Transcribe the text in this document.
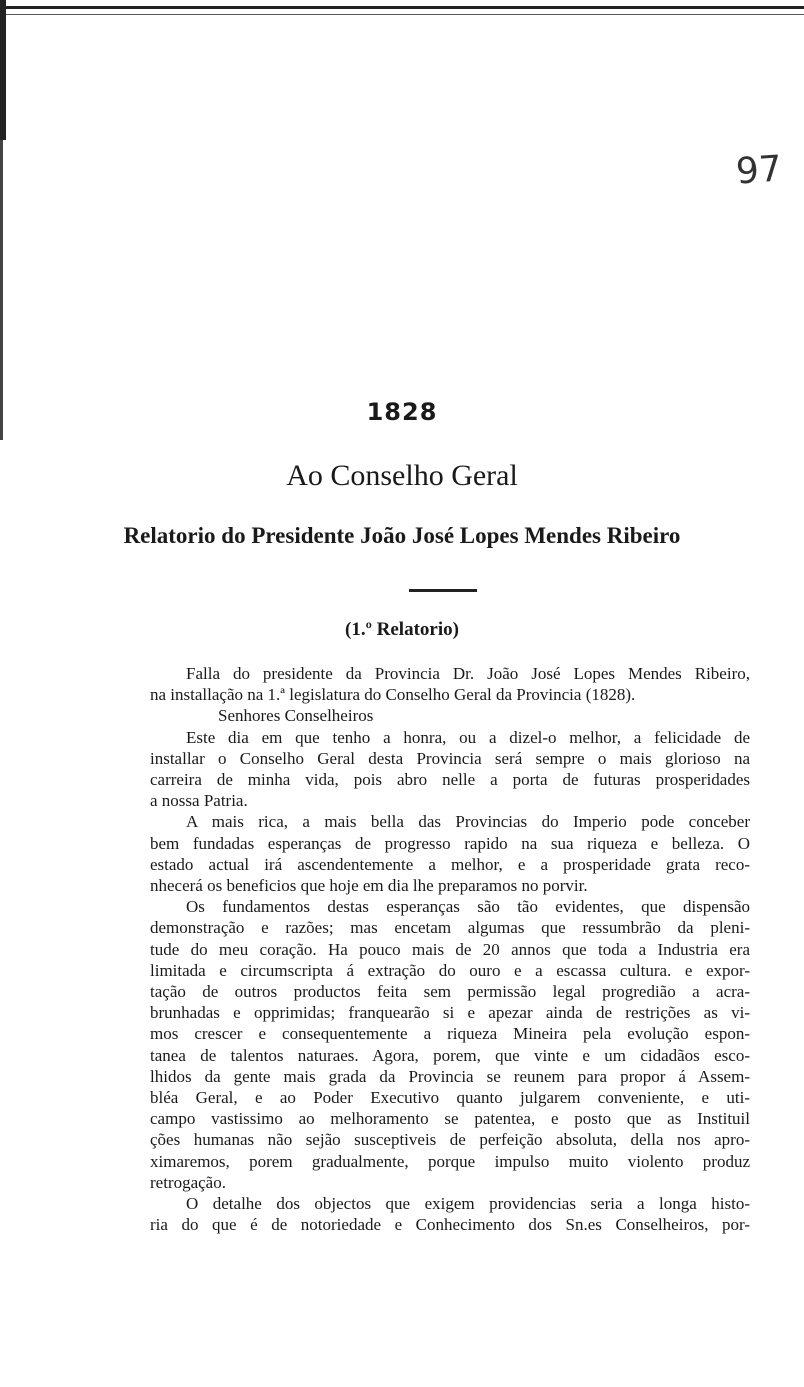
97
1828
Ao Conselho Geral
Relatorio do Presidente João José Lopes Mendes Ribeiro
(1.º Relatorio)
Falla do presidente da Provincia Dr. João José Lopes Mendes Ribeiro,
na installação na 1.ª legislatura do Conselho Geral da Provincia (1828).
Senhores Conselheiros
Este dia em que tenho a honra, ou a dizel-o melhor, a felicidade de
installar o Conselho Geral desta Provincia será sempre o mais glorioso na
carreira de minha vida, pois abro nelle a porta de futuras prosperidades
a nossa Patria.
A mais rica, a mais bella das Provincias do Imperio pode conceber
bem fundadas esperanças de progresso rapido na sua riqueza e belleza. O
estado actual irá ascendentemente a melhor, e a prosperidade grata reco-
nhecerá os beneficios que hoje em dia lhe preparamos no porvir.
Os fundamentos destas esperanças são tão evidentes, que dispensão
demonstração e razões; mas encetam algumas que ressumbrão da pleni-
tude do meu coração. Ha pouco mais de 20 annos que toda a Industria era
limitada e circumscripta á extração do ouro e a escassa cultura. e expor-
tação de outros productos feita sem permissão legal progredião a acra-
brunhadas e opprimidas; franquearão si e apezar ainda de restrições as vi-
mos crescer e consequentemente a riqueza Mineira pela evolução espon-
tanea de talentos naturaes. Agora, porem, que vinte e um cidadãos esco-
lhidos da gente mais grada da Provincia se reunem para propor á Assem-
bléa Geral, e ao Poder Executivo quanto julgarem conveniente, e uti-
campo vastissimo ao melhoramento se patentea, e posto que as Instituil
ções humanas não sejão susceptiveis de perfeição absoluta, della nos apro-
ximaremos, porem gradualmente, porque impulso muito violento produz
retrogação.
O detalhe dos objectos que exigem providencias seria a longa histo-
ria do que é de notoriedade e Conhecimento dos Sn.es Conselheiros, por-
